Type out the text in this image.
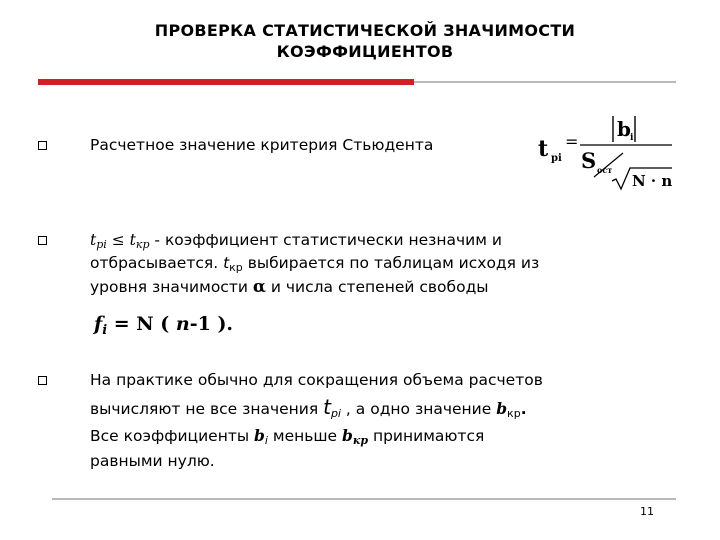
ПРОВЕРКА СТАТИСТИЧЕСКОЙ ЗНАЧИМОСТИ
КОЭФФИЦИЕНТОВ
Расчетное значение критерия Стьюдента	t pi
=
b i
S ocт
N · n
$t_{pi} \le t_{кр}$ - коэффициент статистически незначим и
отбрасывается. $t_{кр}$ выбирается по таблицам исходя из
уровня значимости α и числа степеней свободы
$f_i = N$ ( n-1 ).
На практике обычно для сокращения объема расчетов
вычисляют не все значения $t_{pi}$ , а одно значение $b_{кр}$.
Все коэффициенты $b_i$ меньше $b_{кр}$ принимаются
равными нулю.
11
